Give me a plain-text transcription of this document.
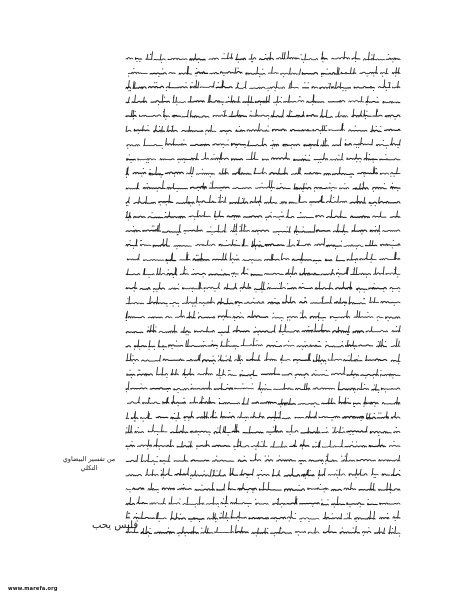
من تفسير البيضاوي التكلي
فليس يحب
www.marefa.org
